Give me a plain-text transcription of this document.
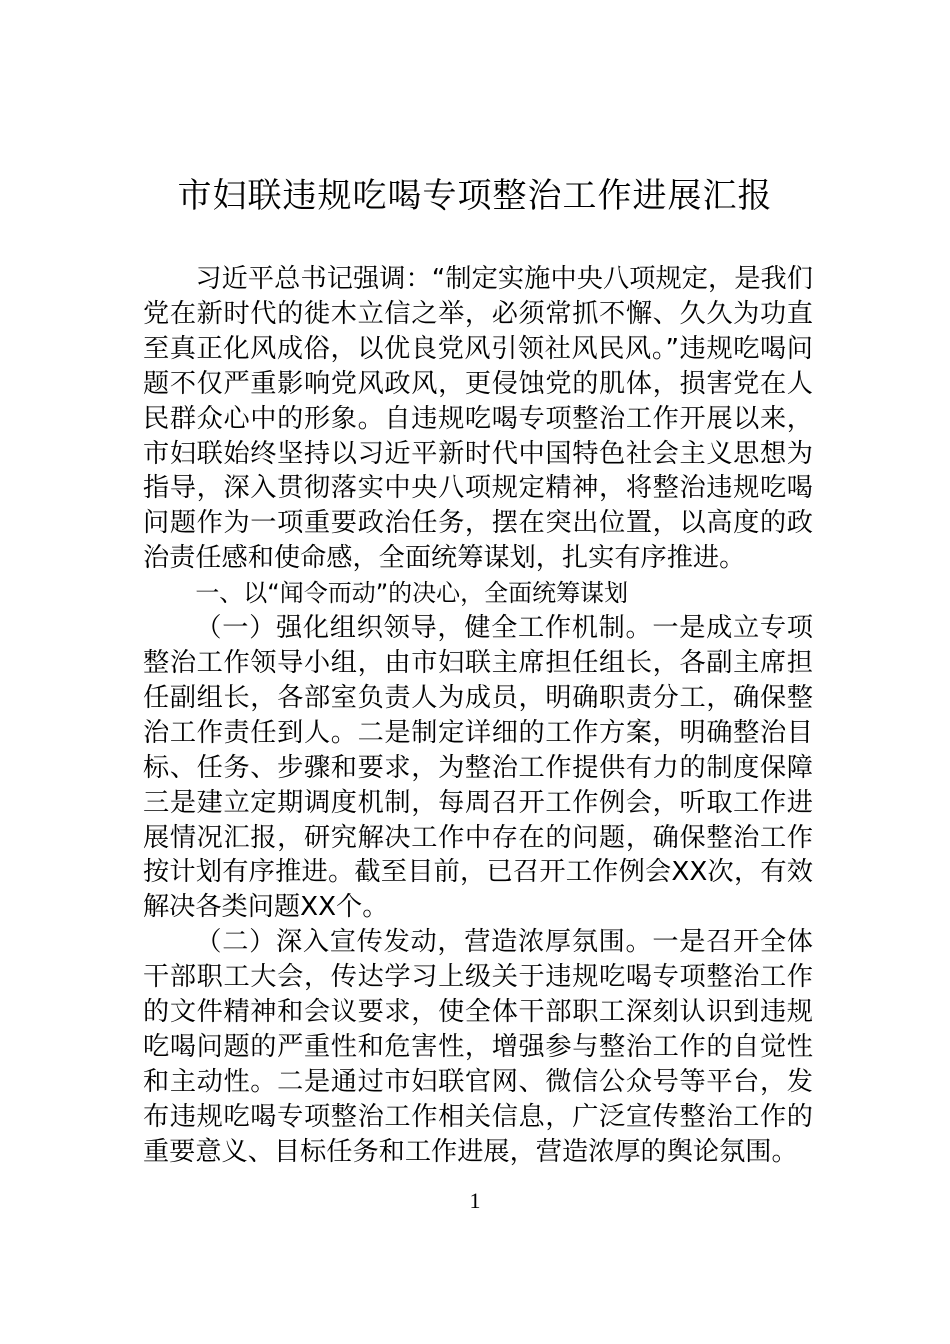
市妇联违规吃喝专项整治工作进展汇报

习近平总书记强调：“制定实施中央八项规定，是我们党在新时代的徙木立信之举，必须常抓不懈、久久为功直至真正化风成俗，以优良党风引领社风民风。”违规吃喝问题不仅严重影响党风政风，更侵蚀党的肌体，损害党在人民群众心中的形象。自违规吃喝专项整治工作开展以来，市妇联始终坚持以习近平新时代中国特色社会主义思想为指导，深入贯彻落实中央八项规定精神，将整治违规吃喝问题作为一项重要政治任务，摆在突出位置，以高度的政治责任感和使命感，全面统筹谋划，扎实有序推进。

一、以“闻令而动”的决心，全面统筹谋划

（一）强化组织领导，健全工作机制。一是成立专项整治工作领导小组，由市妇联主席担任组长，各副主席担任副组长，各部室负责人为成员，明确职责分工，确保整治工作责任到人。二是制定详细的工作方案，明确整治目标、任务、步骤和要求，为整治工作提供有力的制度保障三是建立定期调度机制，每周召开工作例会，听取工作进展情况汇报，研究解决工作中存在的问题，确保整治工作按计划有序推进。截至目前，已召开工作例会XX次，有效解决各类问题XX个。

（二）深入宣传发动，营造浓厚氛围。一是召开全体干部职工大会，传达学习上级关于违规吃喝专项整治工作的文件精神和会议要求，使全体干部职工深刻认识到违规吃喝问题的严重性和危害性，增强参与整治工作的自觉性和主动性。二是通过市妇联官网、微信公众号等平台，发布违规吃喝专项整治工作相关信息，广泛宣传整治工作的重要意义、目标任务和工作进展，营造浓厚的舆论氛围。

1
